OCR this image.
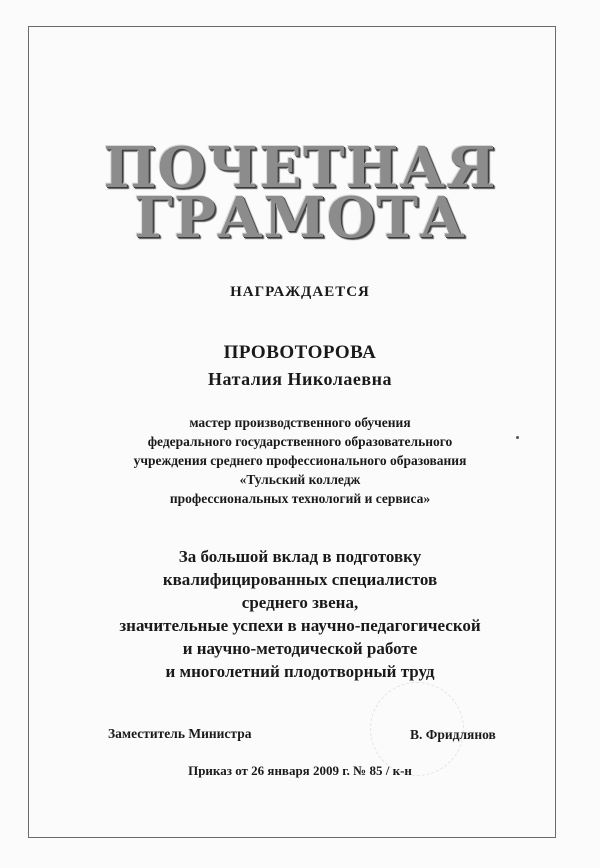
ПОЧЕТНАЯ
ГРАМОТА
НАГРАЖДАЕТСЯ
ПРОВОТОРОВА
Наталия Николаевна
мастер производственного обучения
федерального государственного образовательного
учреждения среднего профессионального образования
«Тульский колледж
профессиональных технологий и сервиса»
За большой вклад в подготовку
квалифицированных специалистов
среднего звена,
значительные успехи в научно-педагогической
и научно-методической работе
и многолетний плодотворный труд
Заместитель Министра	В. Фридлянов
Приказ от 26 января 2009 г. № 85 / к-н
